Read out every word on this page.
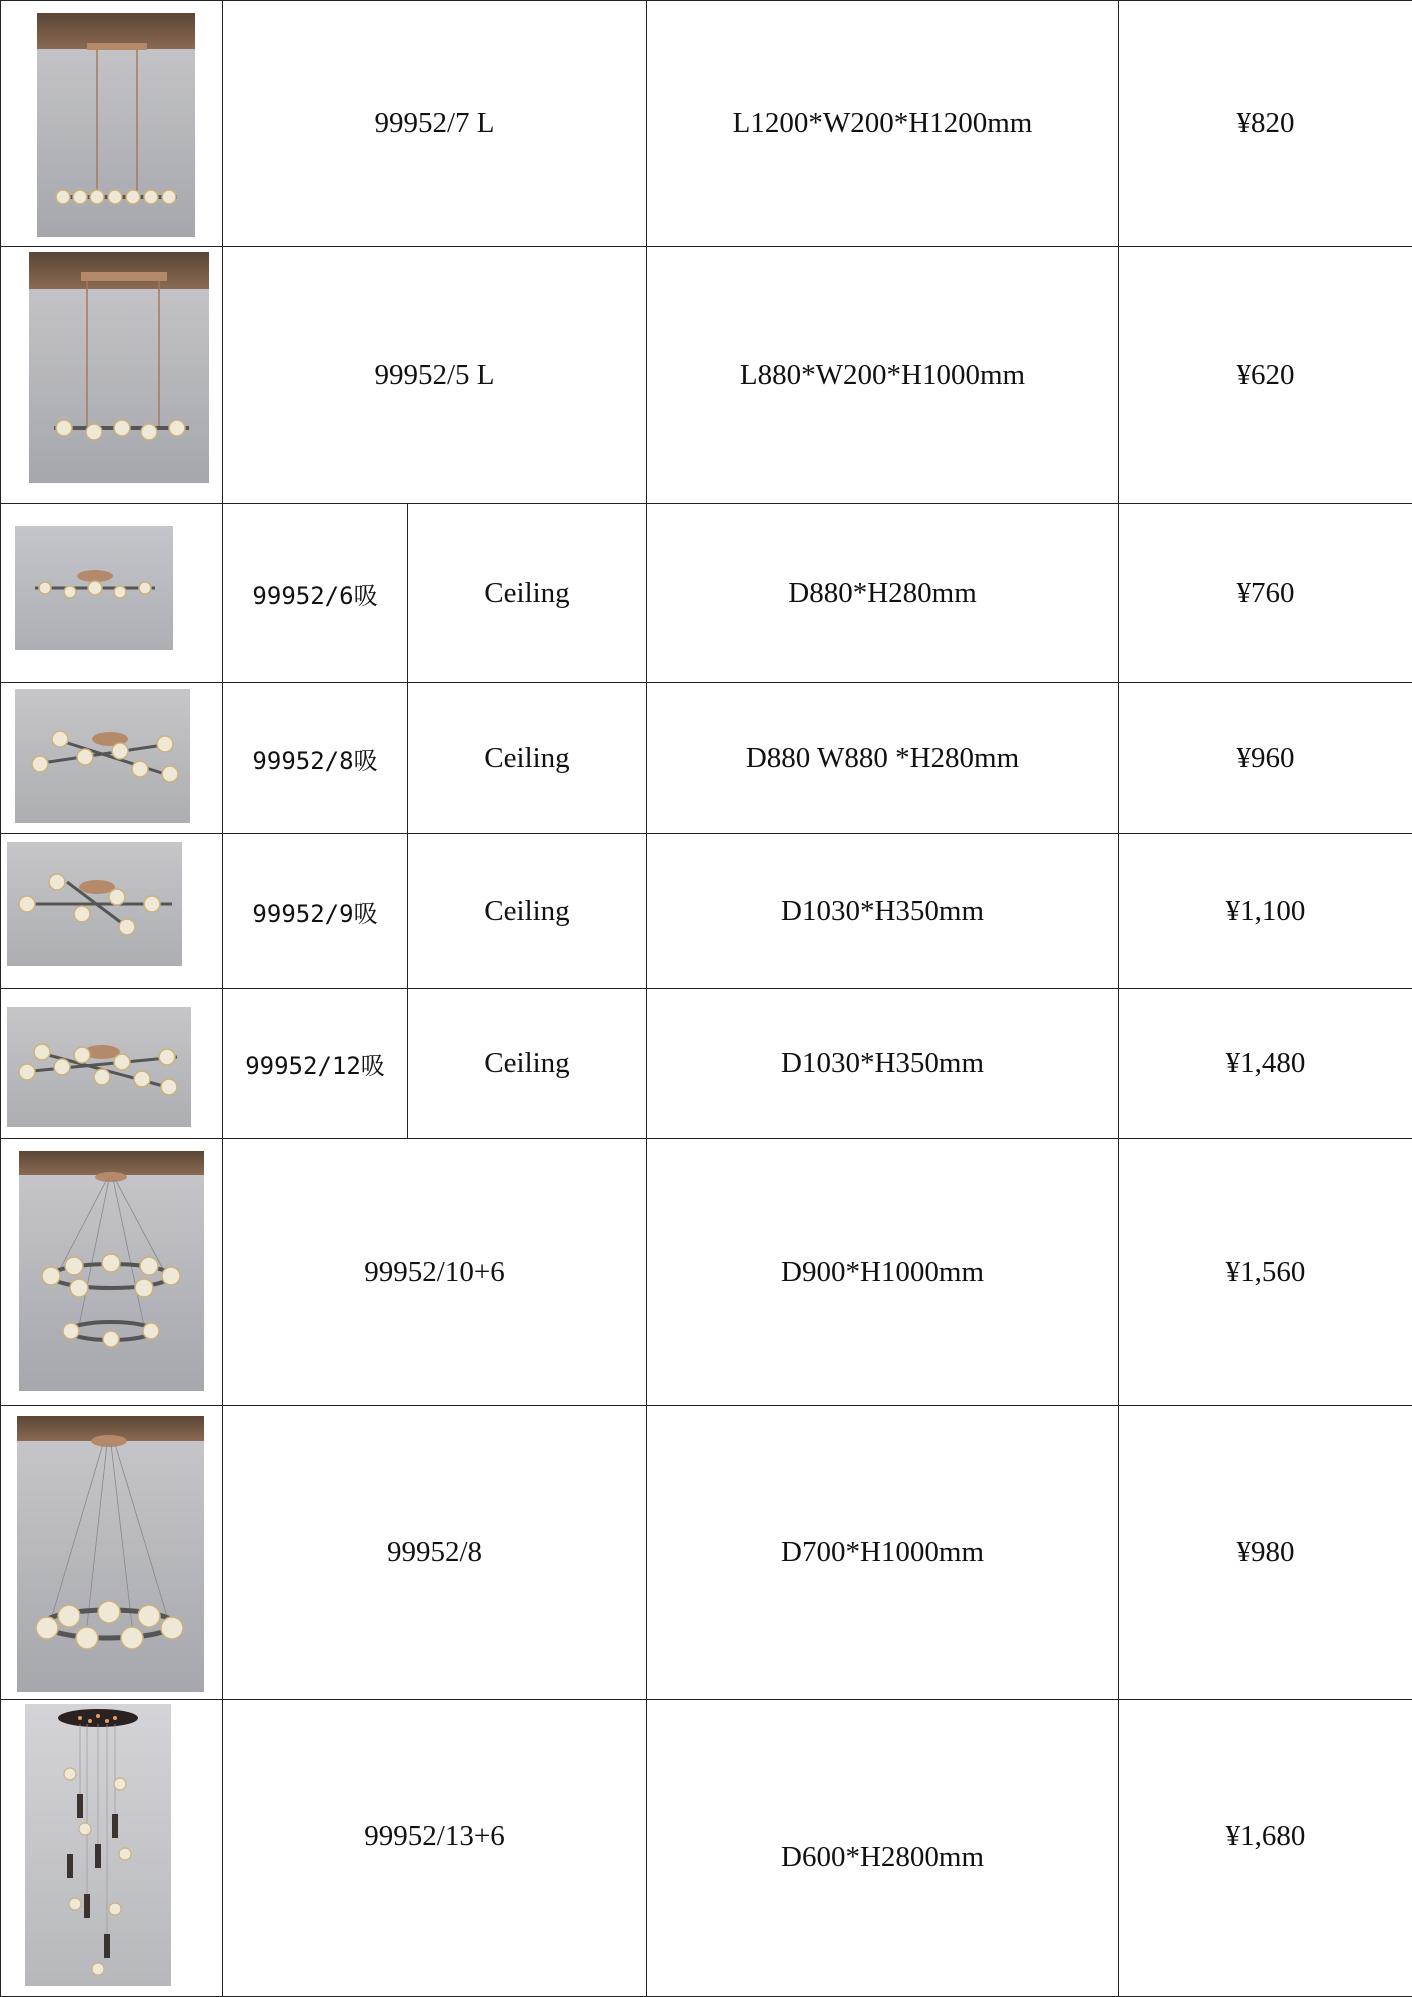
	99952/7 L		L1200*W200*H1200mm	¥820

	99952/5 L		L880*W200*H1000mm	¥620

	99952/6吸	Ceiling	D880*H280mm	¥760

	99952/8吸	Ceiling	D880 W880 *H280mm	¥960

	99952/9吸	Ceiling	D1030*H350mm	¥1,100

	99952/12吸	Ceiling	D1030*H350mm	¥1,480

	99952/10+6		D900*H1000mm	¥1,560

	99952/8		D700*H1000mm	¥980

	99952/13+6		D600*H2800mm	¥1,680
